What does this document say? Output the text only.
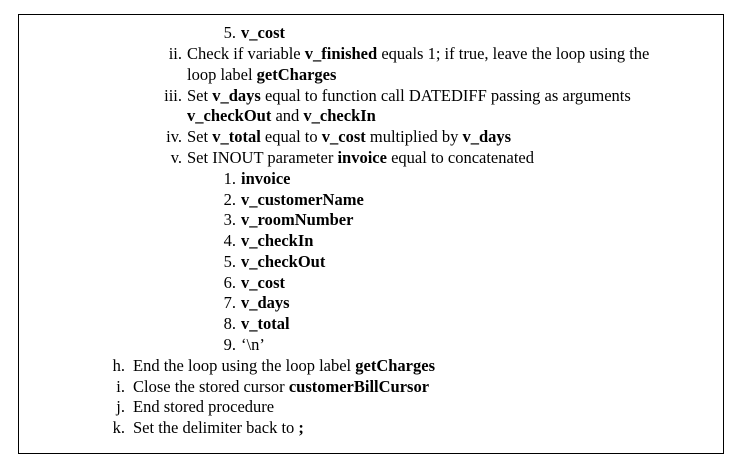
5. v_cost
ii. Check if variable v_finished equals 1; if true, leave the loop using the
loop label getCharges
iii. Set v_days equal to function call DATEDIFF passing as arguments
v_checkOut and v_checkIn
iv. Set v_total equal to v_cost multiplied by v_days
v. Set INOUT parameter invoice equal to concatenated
1. invoice
2. v_customerName
3. v_roomNumber
4. v_checkIn
5. v_checkOut
6. v_cost
7. v_days
8. v_total
9. ‘\n’
h. End the loop using the loop label getCharges
i. Close the stored cursor customerBillCursor
j. End stored procedure
k. Set the delimiter back to ;
